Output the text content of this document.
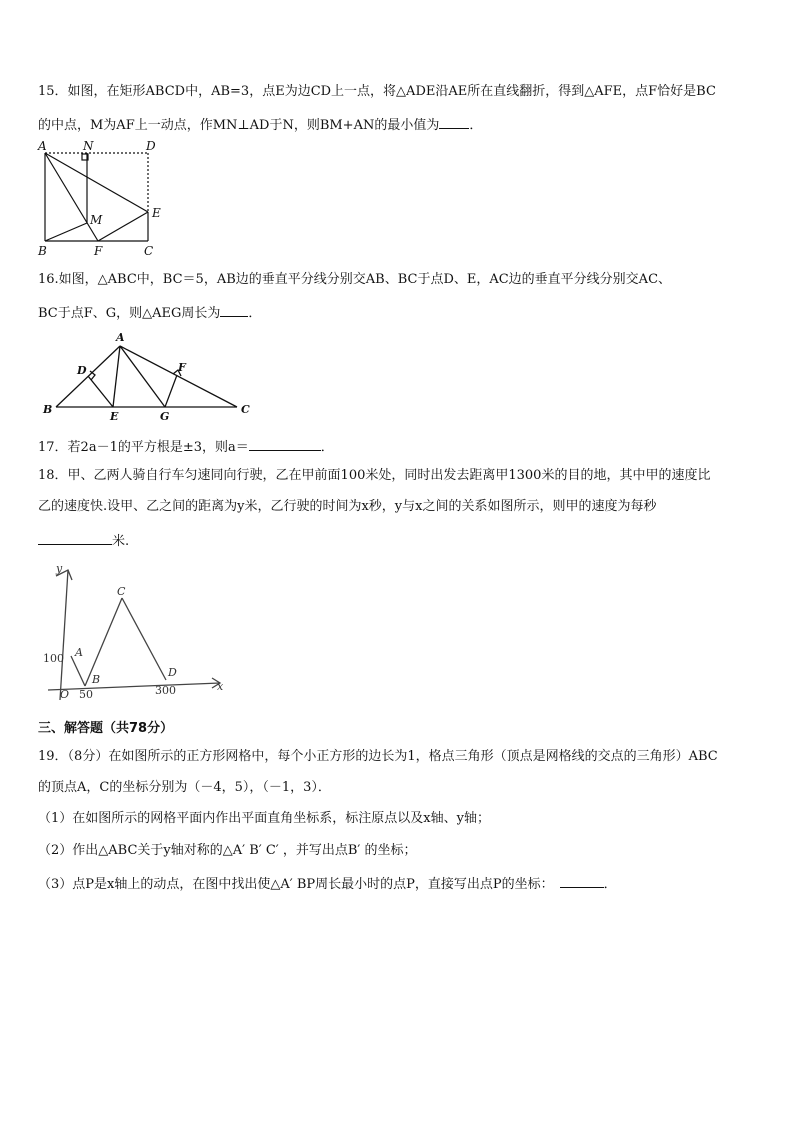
15．如图，在矩形ABCD中，AB=3，点E为边CD上一点，将△ADE沿AE所在直线翻折，得到△AFE，点F恰好是BC
的中点，M为AF上一动点，作MN⊥AD于N，则BM+AN的最小值为 ．
A	N	D
M	E
B	F	C
16.如图，△ABC中，BC＝5，AB边的垂直平分线分别交AB、BC于点D、E，AC边的垂直平分线分别交AC、
BC于点F、G，则△AEG周长为 ．
A
D	F
B
E	G
C
17．若2a－1的平方根是±3，则a＝	．
18．甲、乙两人骑自行车匀速同向行驶，乙在甲前面100米处，同时出发去距离甲1300米的目的地，其中甲的速度比
乙的速度快.设甲、乙之间的距离为y米，乙行驶的时间为x秒，y与x之间的关系如图所示，则甲的速度为每秒
米.
y
x
O
100
50	300
A
B
C
D
三、解答题（共78分）
19．（8分）在如图所示的正方形网格中，每个小正方形的边长为1，格点三角形（顶点是网格线的交点的三角形）ABC
的顶点A，C的坐标分别为（－4，5），（－1，3）．
（1）在如图所示的网格平面内作出平面直角坐标系，标注原点以及x轴、y轴；
（2）作出△ABC关于y轴对称的△A′ B′ C′ ，并写出点B′ 的坐标；
（3）点P是x轴上的动点，在图中找出使△A′ BP周长最小时的点P，直接写出点P的坐标：	．
